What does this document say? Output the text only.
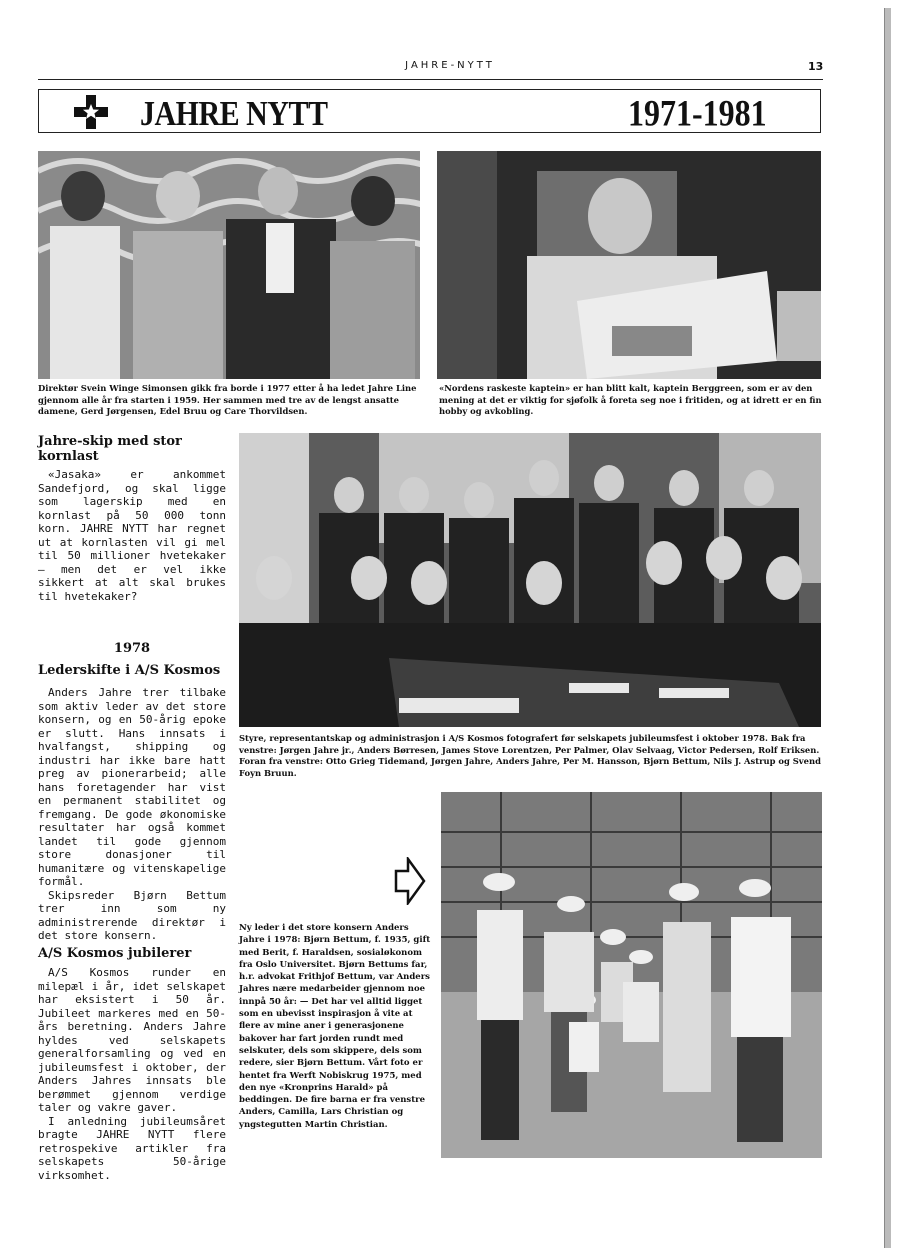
JAHRE-NYTT	13
JAHRE NYTT	1971-1981
Direktør Svein Winge Simonsen gikk fra borde i 1977 etter å ha ledet Jahre Line gjennom alle år fra starten i 1959. Her sammen med tre av de lengst ansatte damene, Gerd Jørgensen, Edel Bruu og Care Thorvildsen.
«Nordens raskeste kaptein» er han blitt kalt, kaptein Berggreen, som er av den mening at det er viktig for sjøfolk å foreta seg noe i fritiden, og at idrett er en fin hobby og avkobling.
Jahre-skip med stor kornlast

«Jasaka» er ankommet Sandefjord, og skal ligge som lagerskip med en kornlast på 50 000 tonn korn. JAHRE NYTT har regnet ut at kornlasten vil gi mel til 50 millioner hvetekaker — men det er vel ikke sikkert at alt skal brukes til hvetekaker?

Styre, representantskap og administrasjon i A/S Kosmos fotografert før selskapets jubileumsfest i oktober 1978. Bak fra venstre: Jørgen Jahre jr., Anders Børresen, James Stove Lorentzen, Per Palmer, Olav Selvaag, Victor Pedersen, Rolf Eriksen. Foran fra venstre: Otto Grieg Tidemand, Jørgen Jahre, Anders Jahre, Per M. Hansson, Bjørn Bettum, Nils J. Astrup og Svend Foyn Bruun.
1978
Lederskifte i A/S Kosmos

Anders Jahre trer tilbake som aktiv leder av det store konsern, og en 50-årig epoke er slutt. Hans innsats i hvalfangst, shipping og industri har ikke bare hatt preg av pionerarbeid; alle hans foretagender har vist en permanent stabilitet og fremgang. De gode økonomiske resultater har også kommet landet til gode gjennom store donasjoner til humanitære og vitenskapelige formål.

Skipsreder Bjørn Bettum trer inn som ny administrerende direktør i det store konsern.

A/S Kosmos jubilerer

A/S Kosmos runder en milepæl i år, idet selskapet har eksistert i 50 år. Jubileet markeres med en 50-års beretning. Anders Jahre hyldes ved selskapets generalforsamling og ved en jubileumsfest i oktober, der Anders Jahres innsats ble berømmet gjennom verdige taler og vakre gaver.

I anledning jubileumsåret bragte JAHRE NYTT flere retrospekive artikler fra selskapets 50-årige virksomhet.

Ny leder i det store konsern Anders Jahre i 1978: Bjørn Bettum, f. 1935, gift med Berit, f. Haraldsen, sosialøkonom fra Oslo Universitet. Bjørn Bettums far, h.r. advokat Frithjof Bettum, var Anders Jahres nære medarbeider gjennom noe innpå 50 år: — Det har vel alltid ligget som en ubevisst inspirasjon å vite at flere av mine aner i generasjonene bakover har fart jorden rundt med selskuter, dels som skippere, dels som redere, sier Bjørn Bettum. Vårt foto er hentet fra Werft Nobiskrug 1975, med den nye «Kronprins Harald» på beddingen. De fire barna er fra venstre Anders, Camilla, Lars Christian og yngstegutten Martin Christian.
